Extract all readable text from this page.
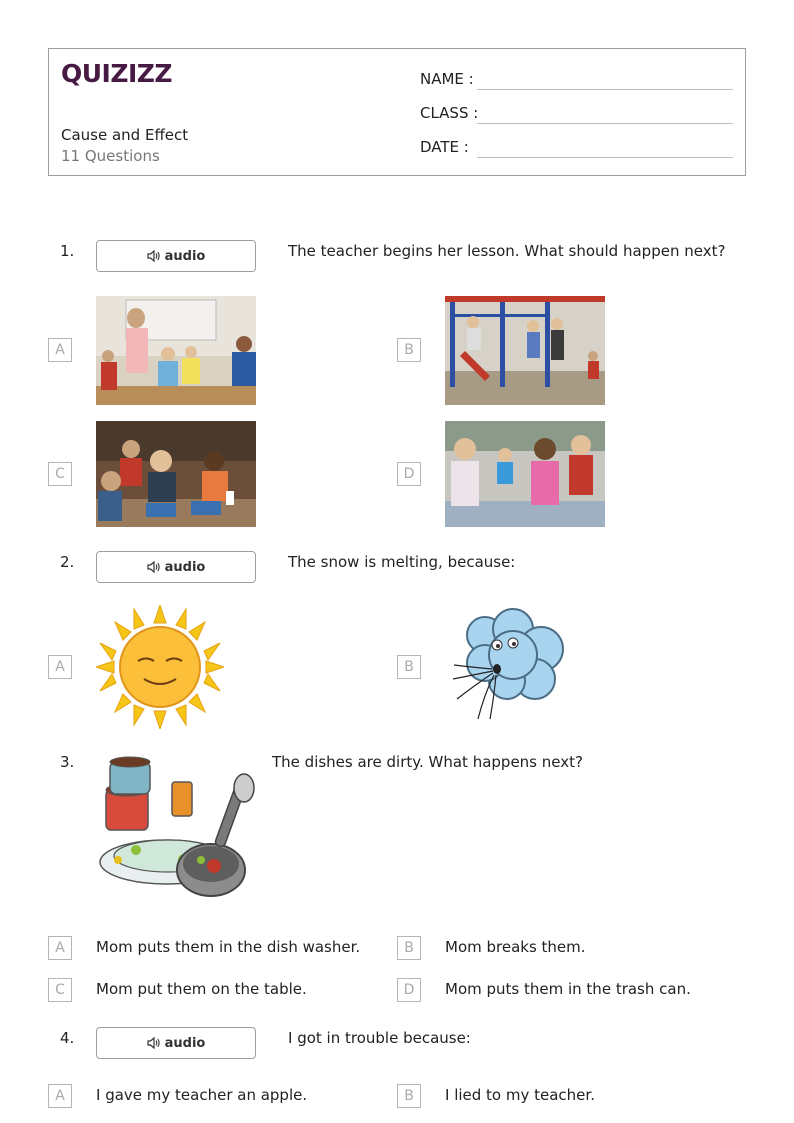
QUIZIZZ
Cause and Effect
11 Questions
NAME :
CLASS :
DATE :
1.	audio	The teacher begins her lesson. What should happen next?
A	B
C	D
2.	audio	The snow is melting, because:
A	B
3.	The dishes are dirty. What happens next?
A	Mom puts them in the dish washer.	B	Mom breaks them.
C	Mom put them on the table.	D	Mom puts them in the trash can.
4.	audio	I got in trouble because:
A	I gave my teacher an apple.	B	I lied to my teacher.
